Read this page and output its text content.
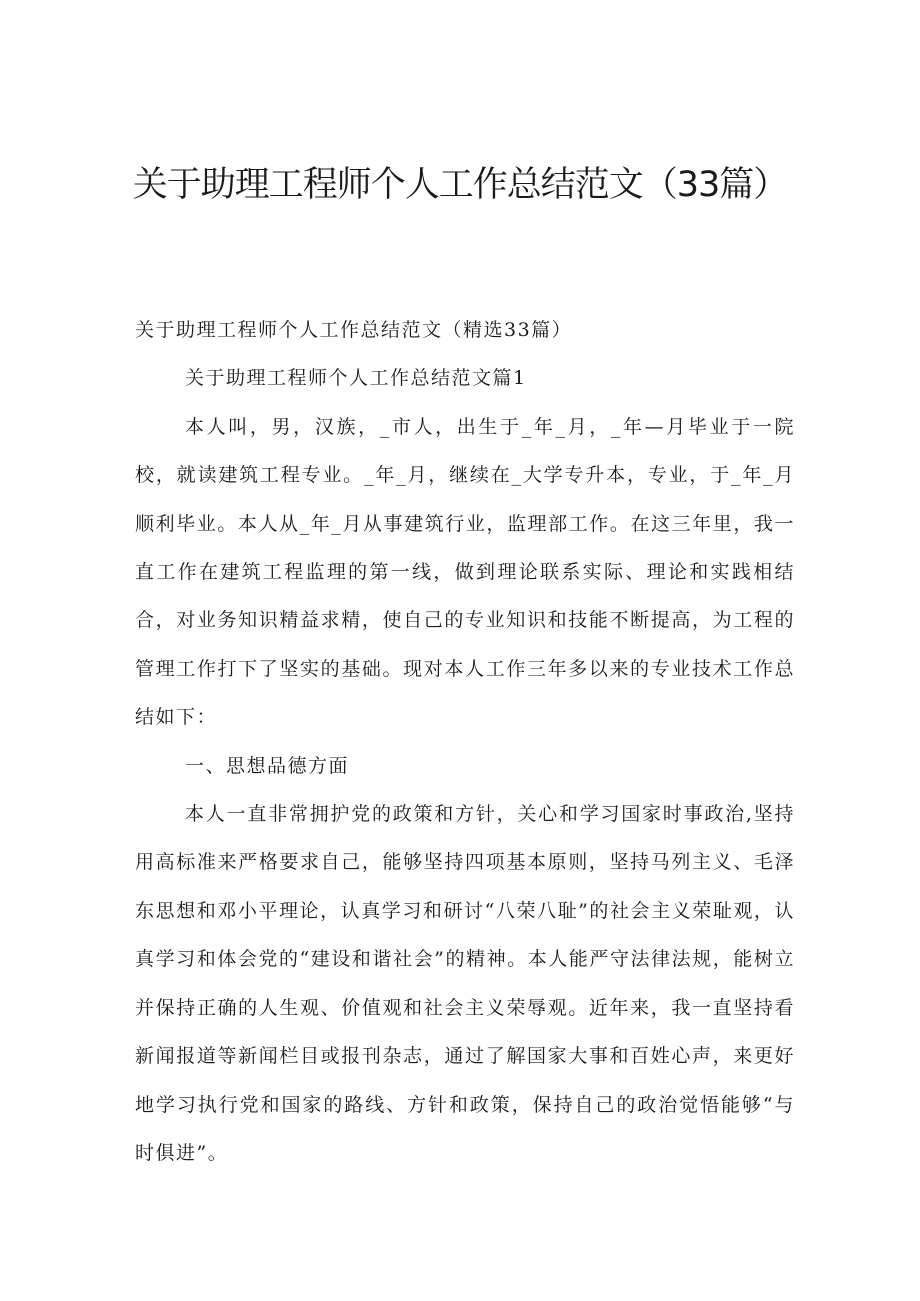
关于助理工程师个人工作总结范文（33篇）

关于助理工程师个人工作总结范文（精选33篇）

关于助理工程师个人工作总结范文篇1

本人叫，男，汉族，_市人，出生于_年_月，_年—月毕业于一院校，就读建筑工程专业。_年_月，继续在_大学专升本，专业，于_年_月顺利毕业。本人从_年_月从事建筑行业，监理部工作。在这三年里，我一直工作在建筑工程监理的第一线，做到理论联系实际、理论和实践相结合，对业务知识精益求精，使自己的专业知识和技能不断提高，为工程的管理工作打下了坚实的基础。现对本人工作三年多以来的专业技术工作总结如下：

一、思想品德方面

本人一直非常拥护党的政策和方针，关心和学习国家时事政治,坚持用高标准来严格要求自己，能够坚持四项基本原则，坚持马列主义、毛泽东思想和邓小平理论，认真学习和研讨“八荣八耻”的社会主义荣耻观，认真学习和体会党的“建设和谐社会”的精神。本人能严守法律法规，能树立并保持正确的人生观、价值观和社会主义荣辱观。近年来，我一直坚持看新闻报道等新闻栏目或报刊杂志，通过了解国家大事和百姓心声，来更好地学习执行党和国家的路线、方针和政策，保持自己的政治觉悟能够“与时俱进”。
